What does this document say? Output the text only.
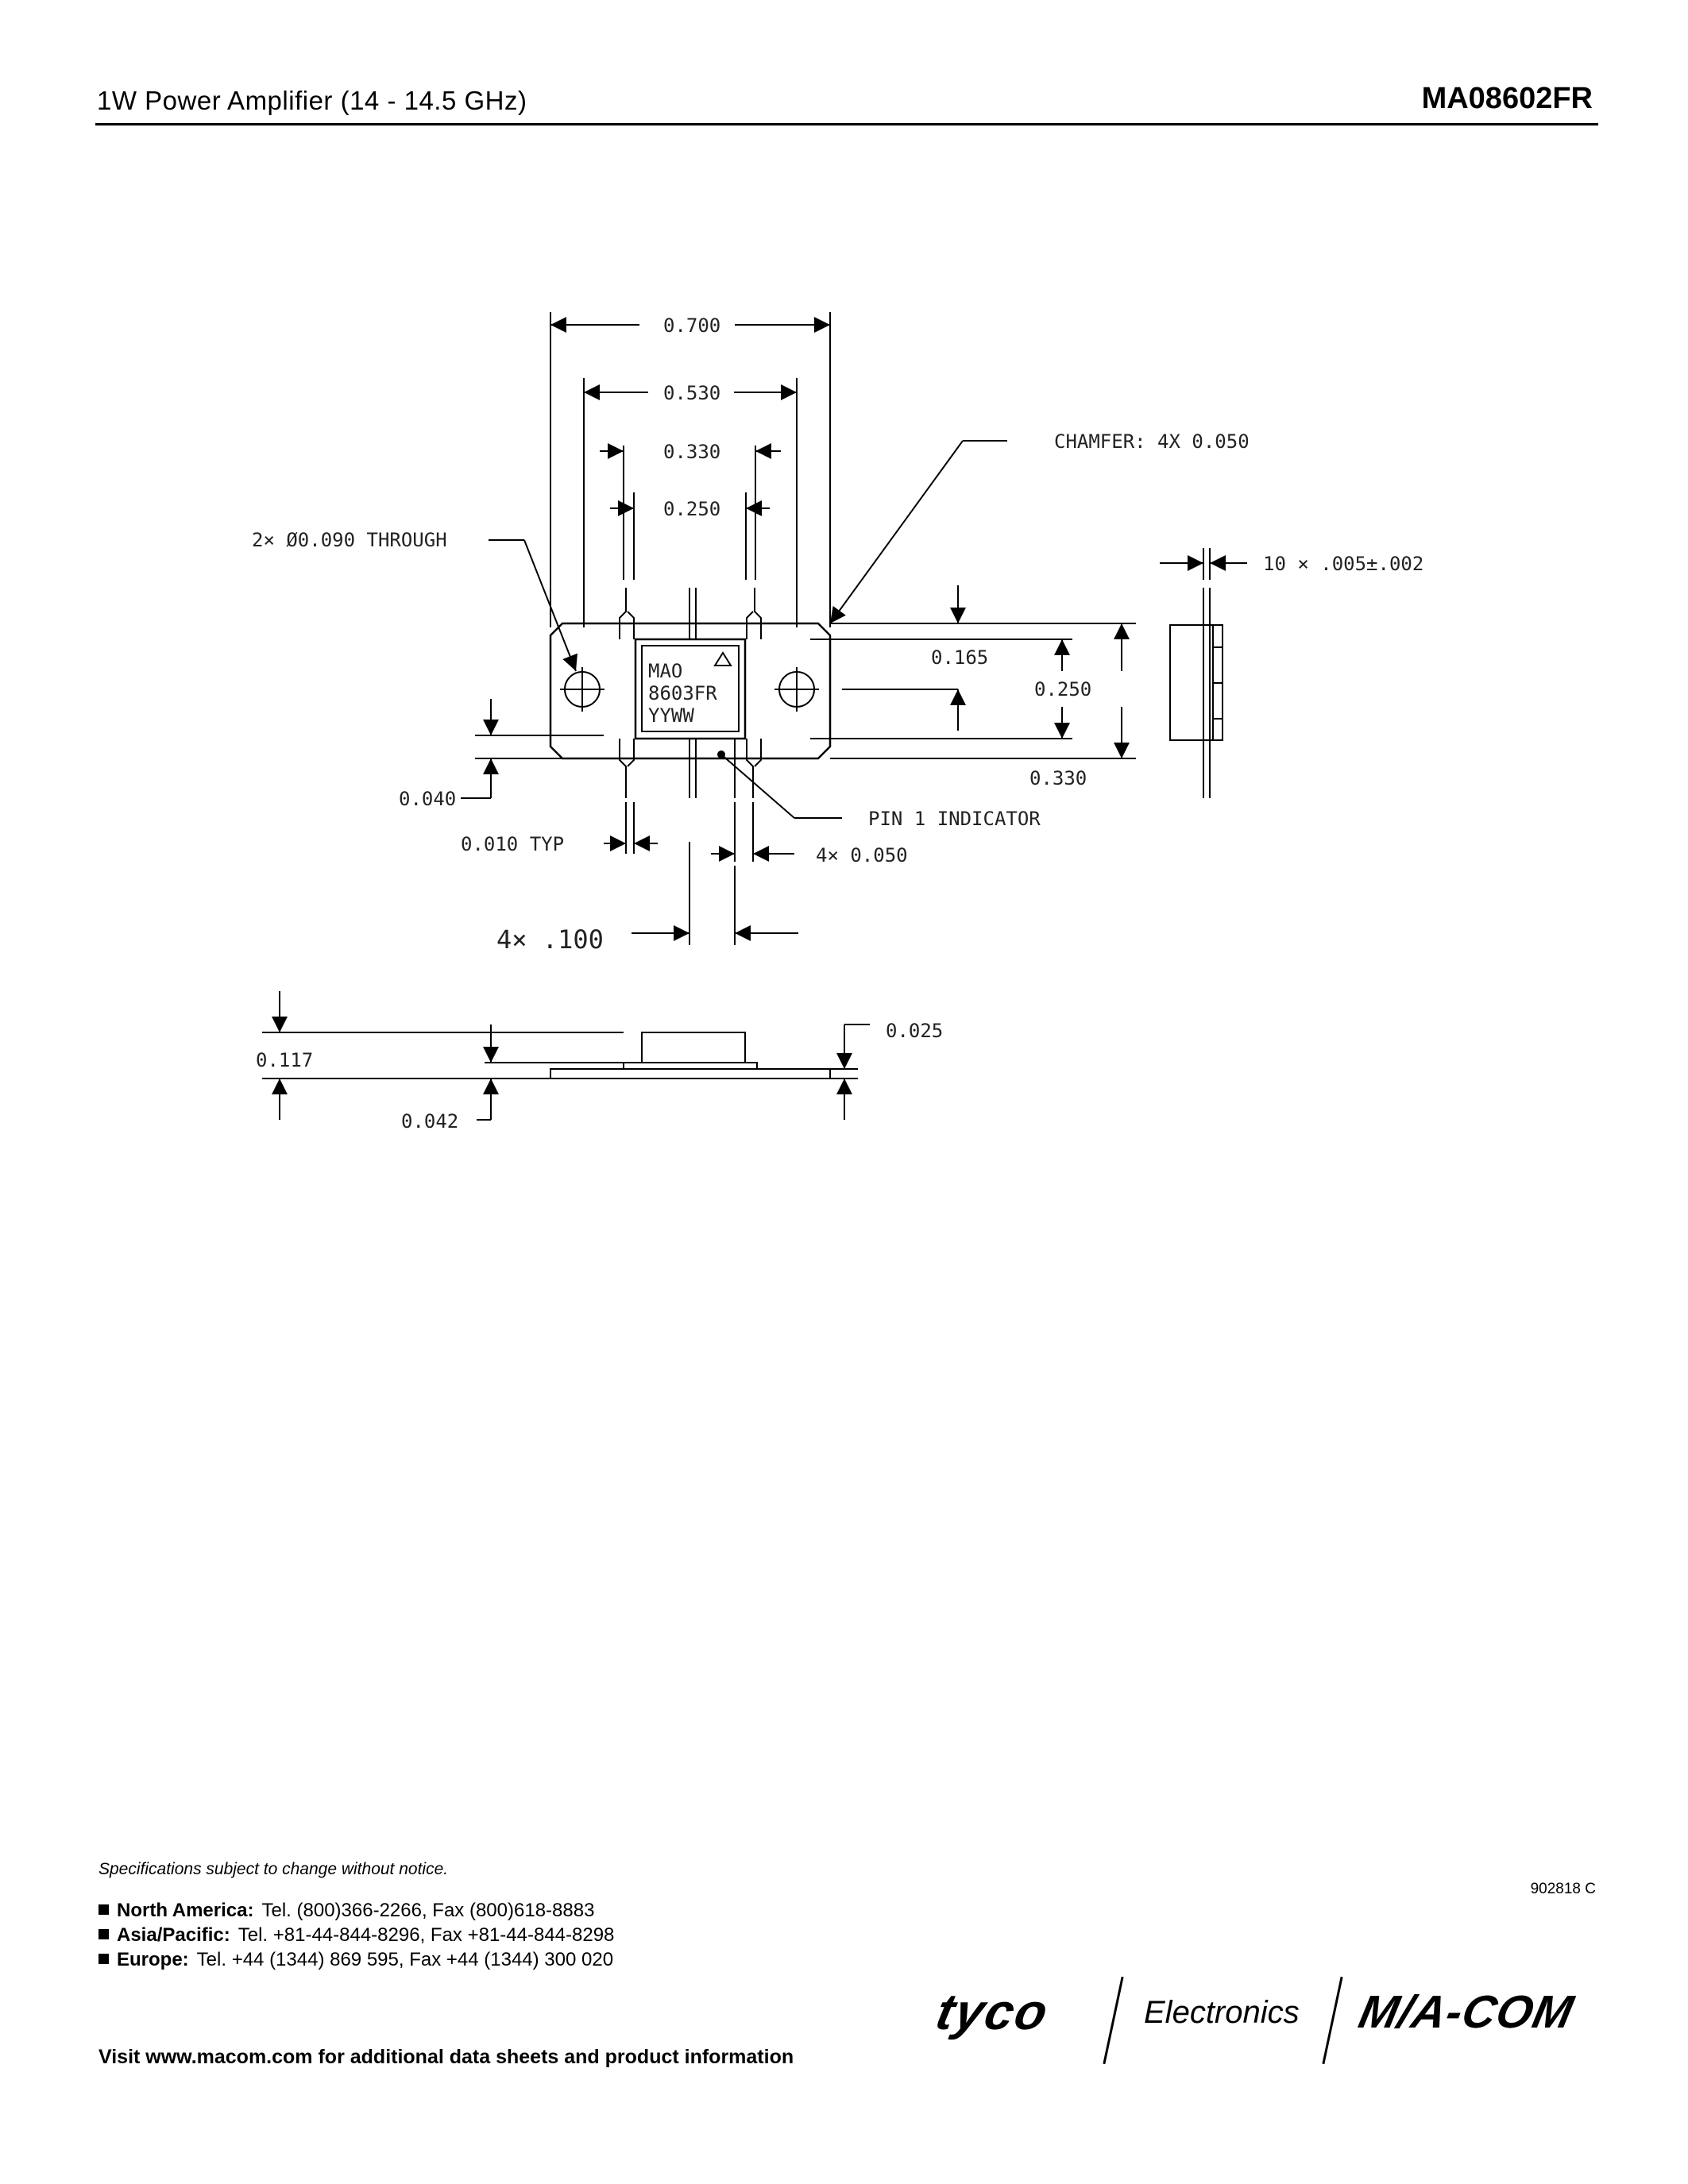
1W Power Amplifier (14 - 14.5 GHz)	MA08602FR
0.700
0.530
0.330
0.250
2× Ø0.090 THROUGH
CHAMFER: 4X 0.050
10 × .005±.002
0.165
0.250
0.330
0.040
PIN 1 INDICATOR
0.010 TYP	4× 0.050
4× .100
0.117
0.025
0.042
MAO
8603FR
YYWW
Specifications subject to change without notice.
902818 C
North America: Tel. (800)366-2266, Fax (800)618-8883
Asia/Pacific: Tel. +81-44-844-8296, Fax +81-44-844-8298
Europe: Tel. +44 (1344) 869 595, Fax +44 (1344) 300 020
Visit www.macom.com for additional data sheets and product information
tyco	Electronics M/A-COM
